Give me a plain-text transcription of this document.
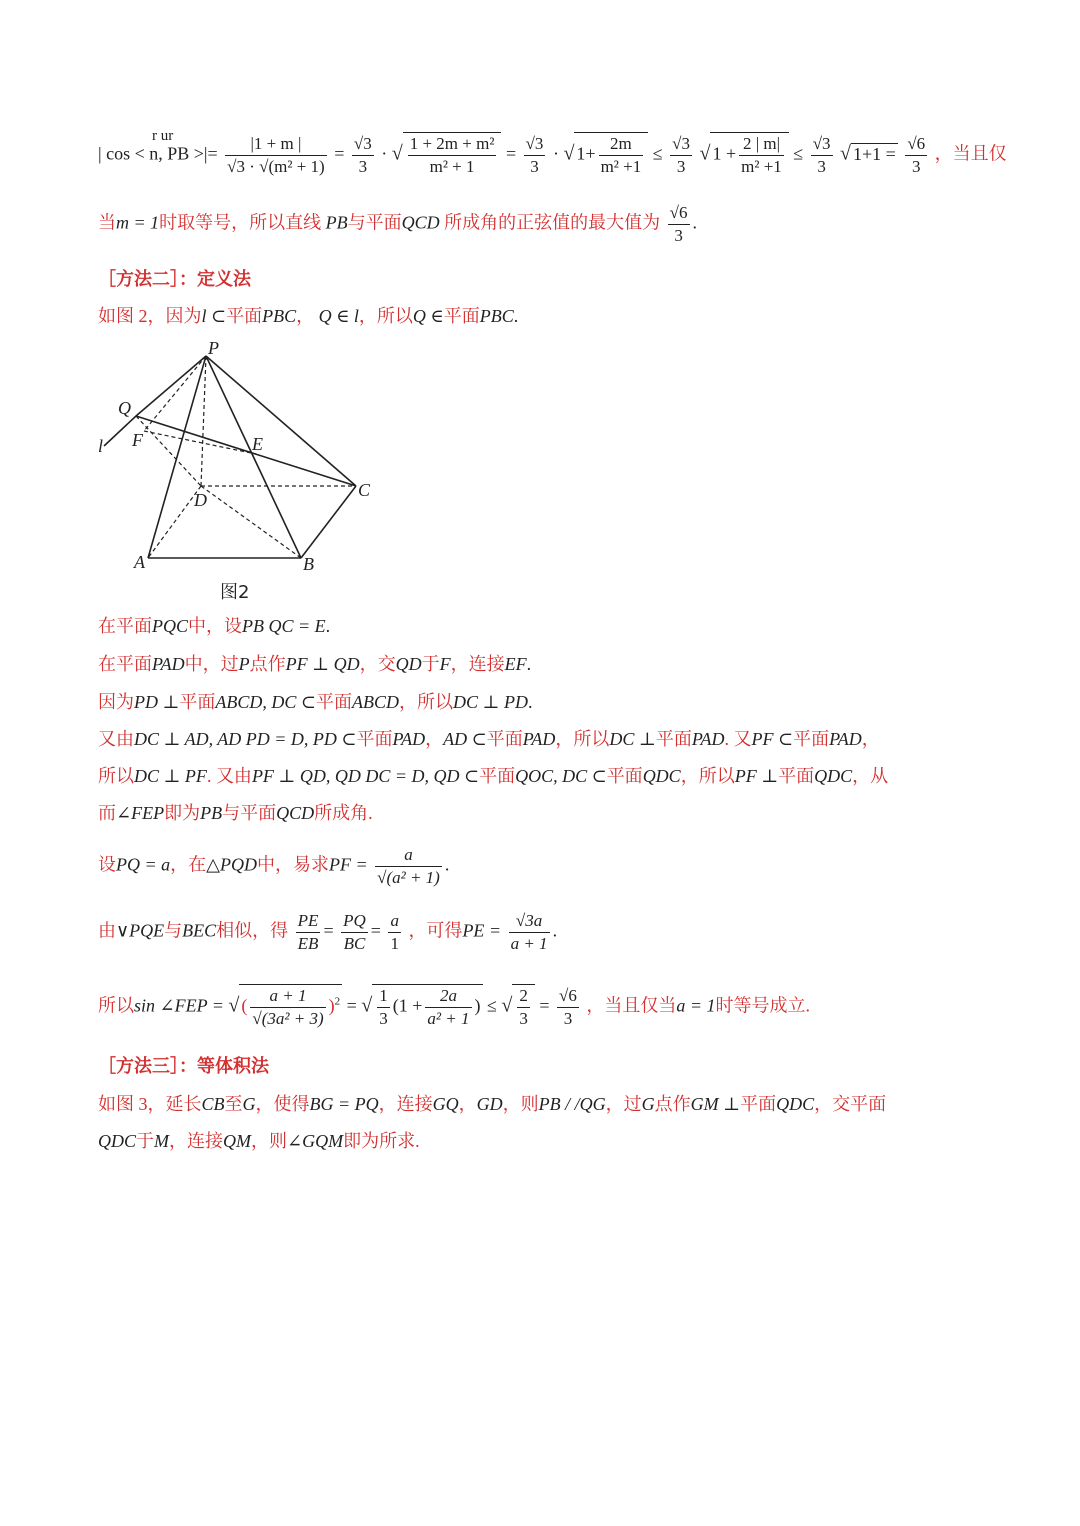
r ur
| cos < n, PB >|= $\frac{|1 + m |}{\text{√3 · √(m² + 1)}} = \frac{√3}{3}$ · √ $\frac{\text{1 + 2m + m²}}{\text{m² + 1}} = \frac{√3}{3}$ · √ $1+ \frac{2m}{\text{m² +1}} \le \frac{√3}{3}$ √ $1 + \frac{2 | m|}{\text{m² +1}} \le \frac{√3}{3}$ √ $1+1 = \frac{√6}{3}$ ，当且仅
当m = 1时取等号，所以直线 PB与平面QCD 所成角的正弦值的最大值为 $\frac{√6}{3}$ .
［方法二］：定义法
如图 2，因为l ⊂平面PBC， Q ∈ l，所以Q ∈平面PBC.
P
Q
l F	E
D	C
A	B
图2
在平面PQC中，设PB QC = E.
在平面PAD中，过P点作PF ⊥ QD，交QD于F，连接EF.
因为PD ⊥平面ABCD, DC ⊂平面ABCD，所以DC ⊥ PD.
又由DC ⊥ AD, AD PD = D, PD ⊂平面PAD，AD ⊂平面PAD，所以DC ⊥平面PAD. 又PF ⊂平面PAD，
所以DC ⊥ PF. 又由PF ⊥ QD, QD DC = D, QD ⊂平面QOC, DC ⊂平面QDC，所以PF ⊥平面QDC，从
而∠FEP即为PB与平面QCD所成角.
设PQ = a，在△PQD中，易求PF = $\frac{a}{\text{√(a² + 1)}}$ .
由∨PQE与BEC相似，得 $\frac{PE}{EB} = \frac{PQ}{BC} = \frac{a}{1}$ ，可得PE = $\frac{√3a}{a + 1}$ .
所以sin ∠FEP = √ ( $\frac{a + 1}{\text{√(3a² + 3)}} )^2$ = √ $\frac{1}{3} (1 + \frac{2a}{\text{a² + 1}}$ ) ≤ √ $\frac{2}{3} = \frac{√6}{3}$ ，当且仅当a = 1时等号成立.
［方法三］：等体积法
如图 3，延长CB至G，使得BG = PQ，连接GQ，GD，则PB / /QG，过G点作GM ⊥平面QDC，交平面
QDC于M，连接QM，则∠GQM即为所求.
